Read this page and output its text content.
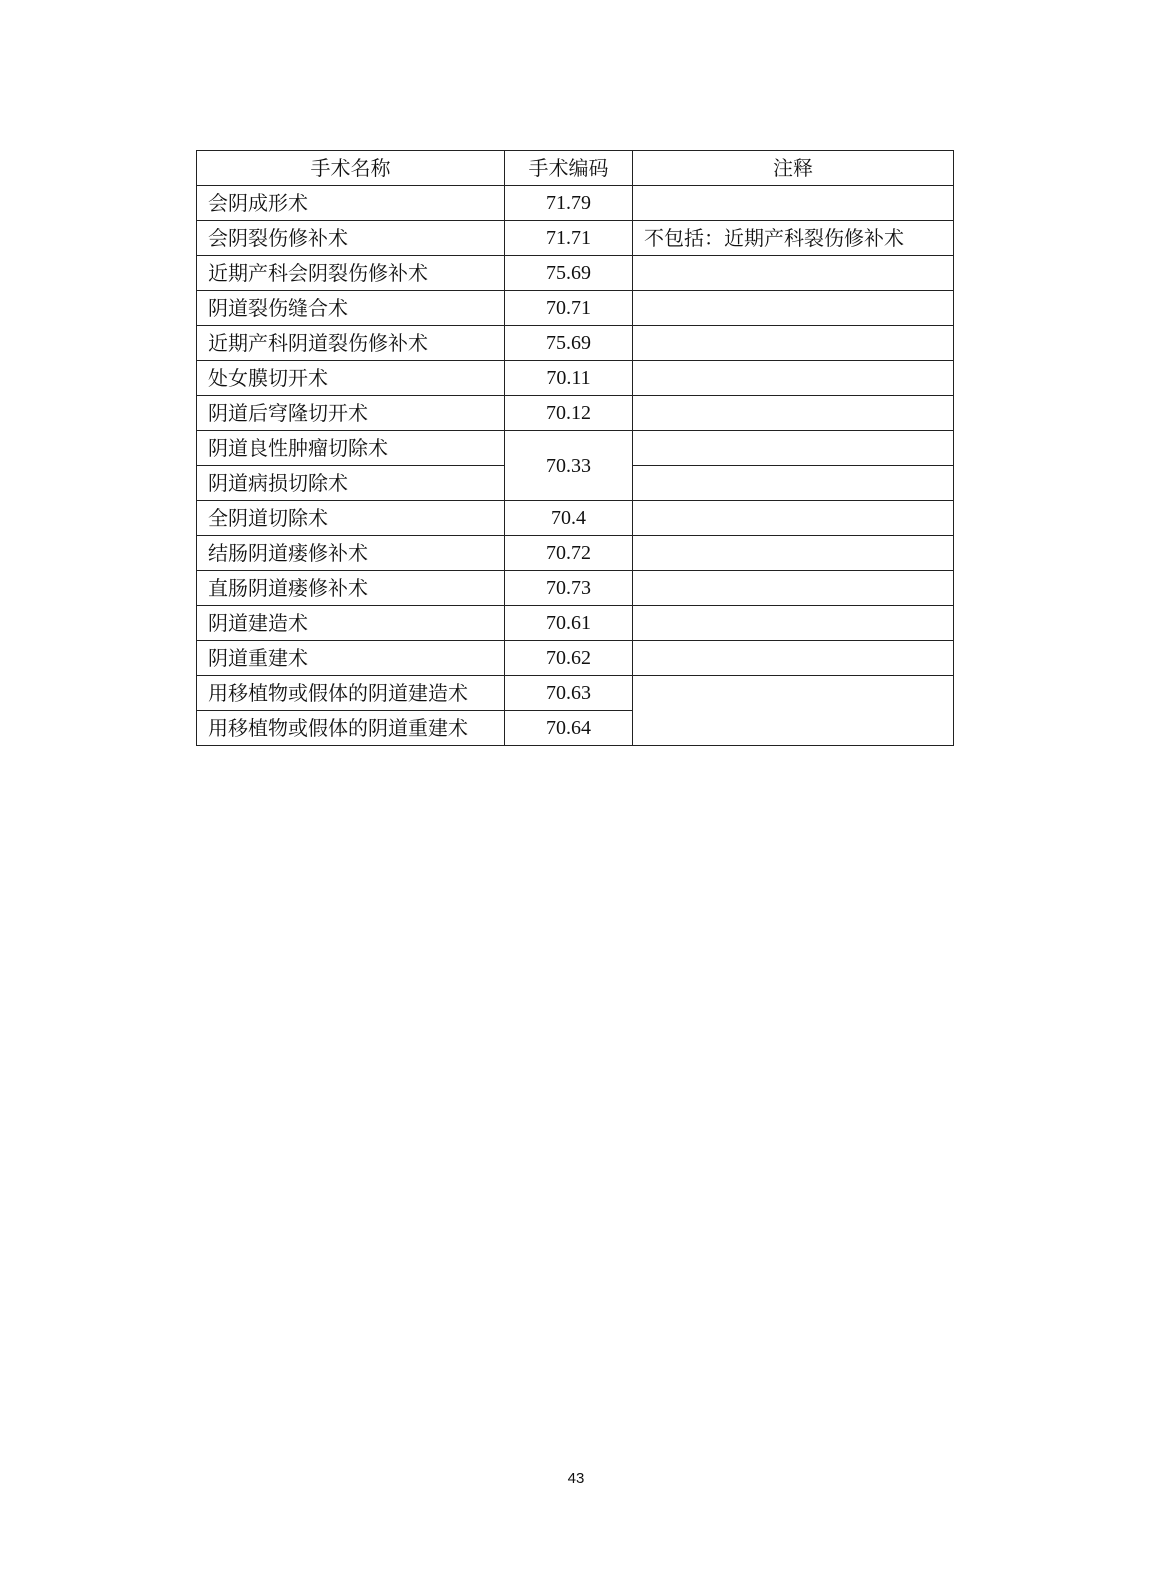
手术名称	手术编码	注释
会阴成形术	71.79	
会阴裂伤修补术	71.71	不包括：近期产科裂伤修补术
近期产科会阴裂伤修补术	75.69	
阴道裂伤缝合术	70.71	
近期产科阴道裂伤修补术	75.69	
处女膜切开术	70.11	
阴道后穹隆切开术	70.12	
阴道良性肿瘤切除术	70.33	
阴道病损切除术		
全阴道切除术	70.4	
结肠阴道瘘修补术	70.72	
直肠阴道瘘修补术	70.73	
阴道建造术	70.61	
阴道重建术	70.62	
用移植物或假体的阴道建造术	70.63	
用移植物或假体的阴道重建术	70.64	
43
